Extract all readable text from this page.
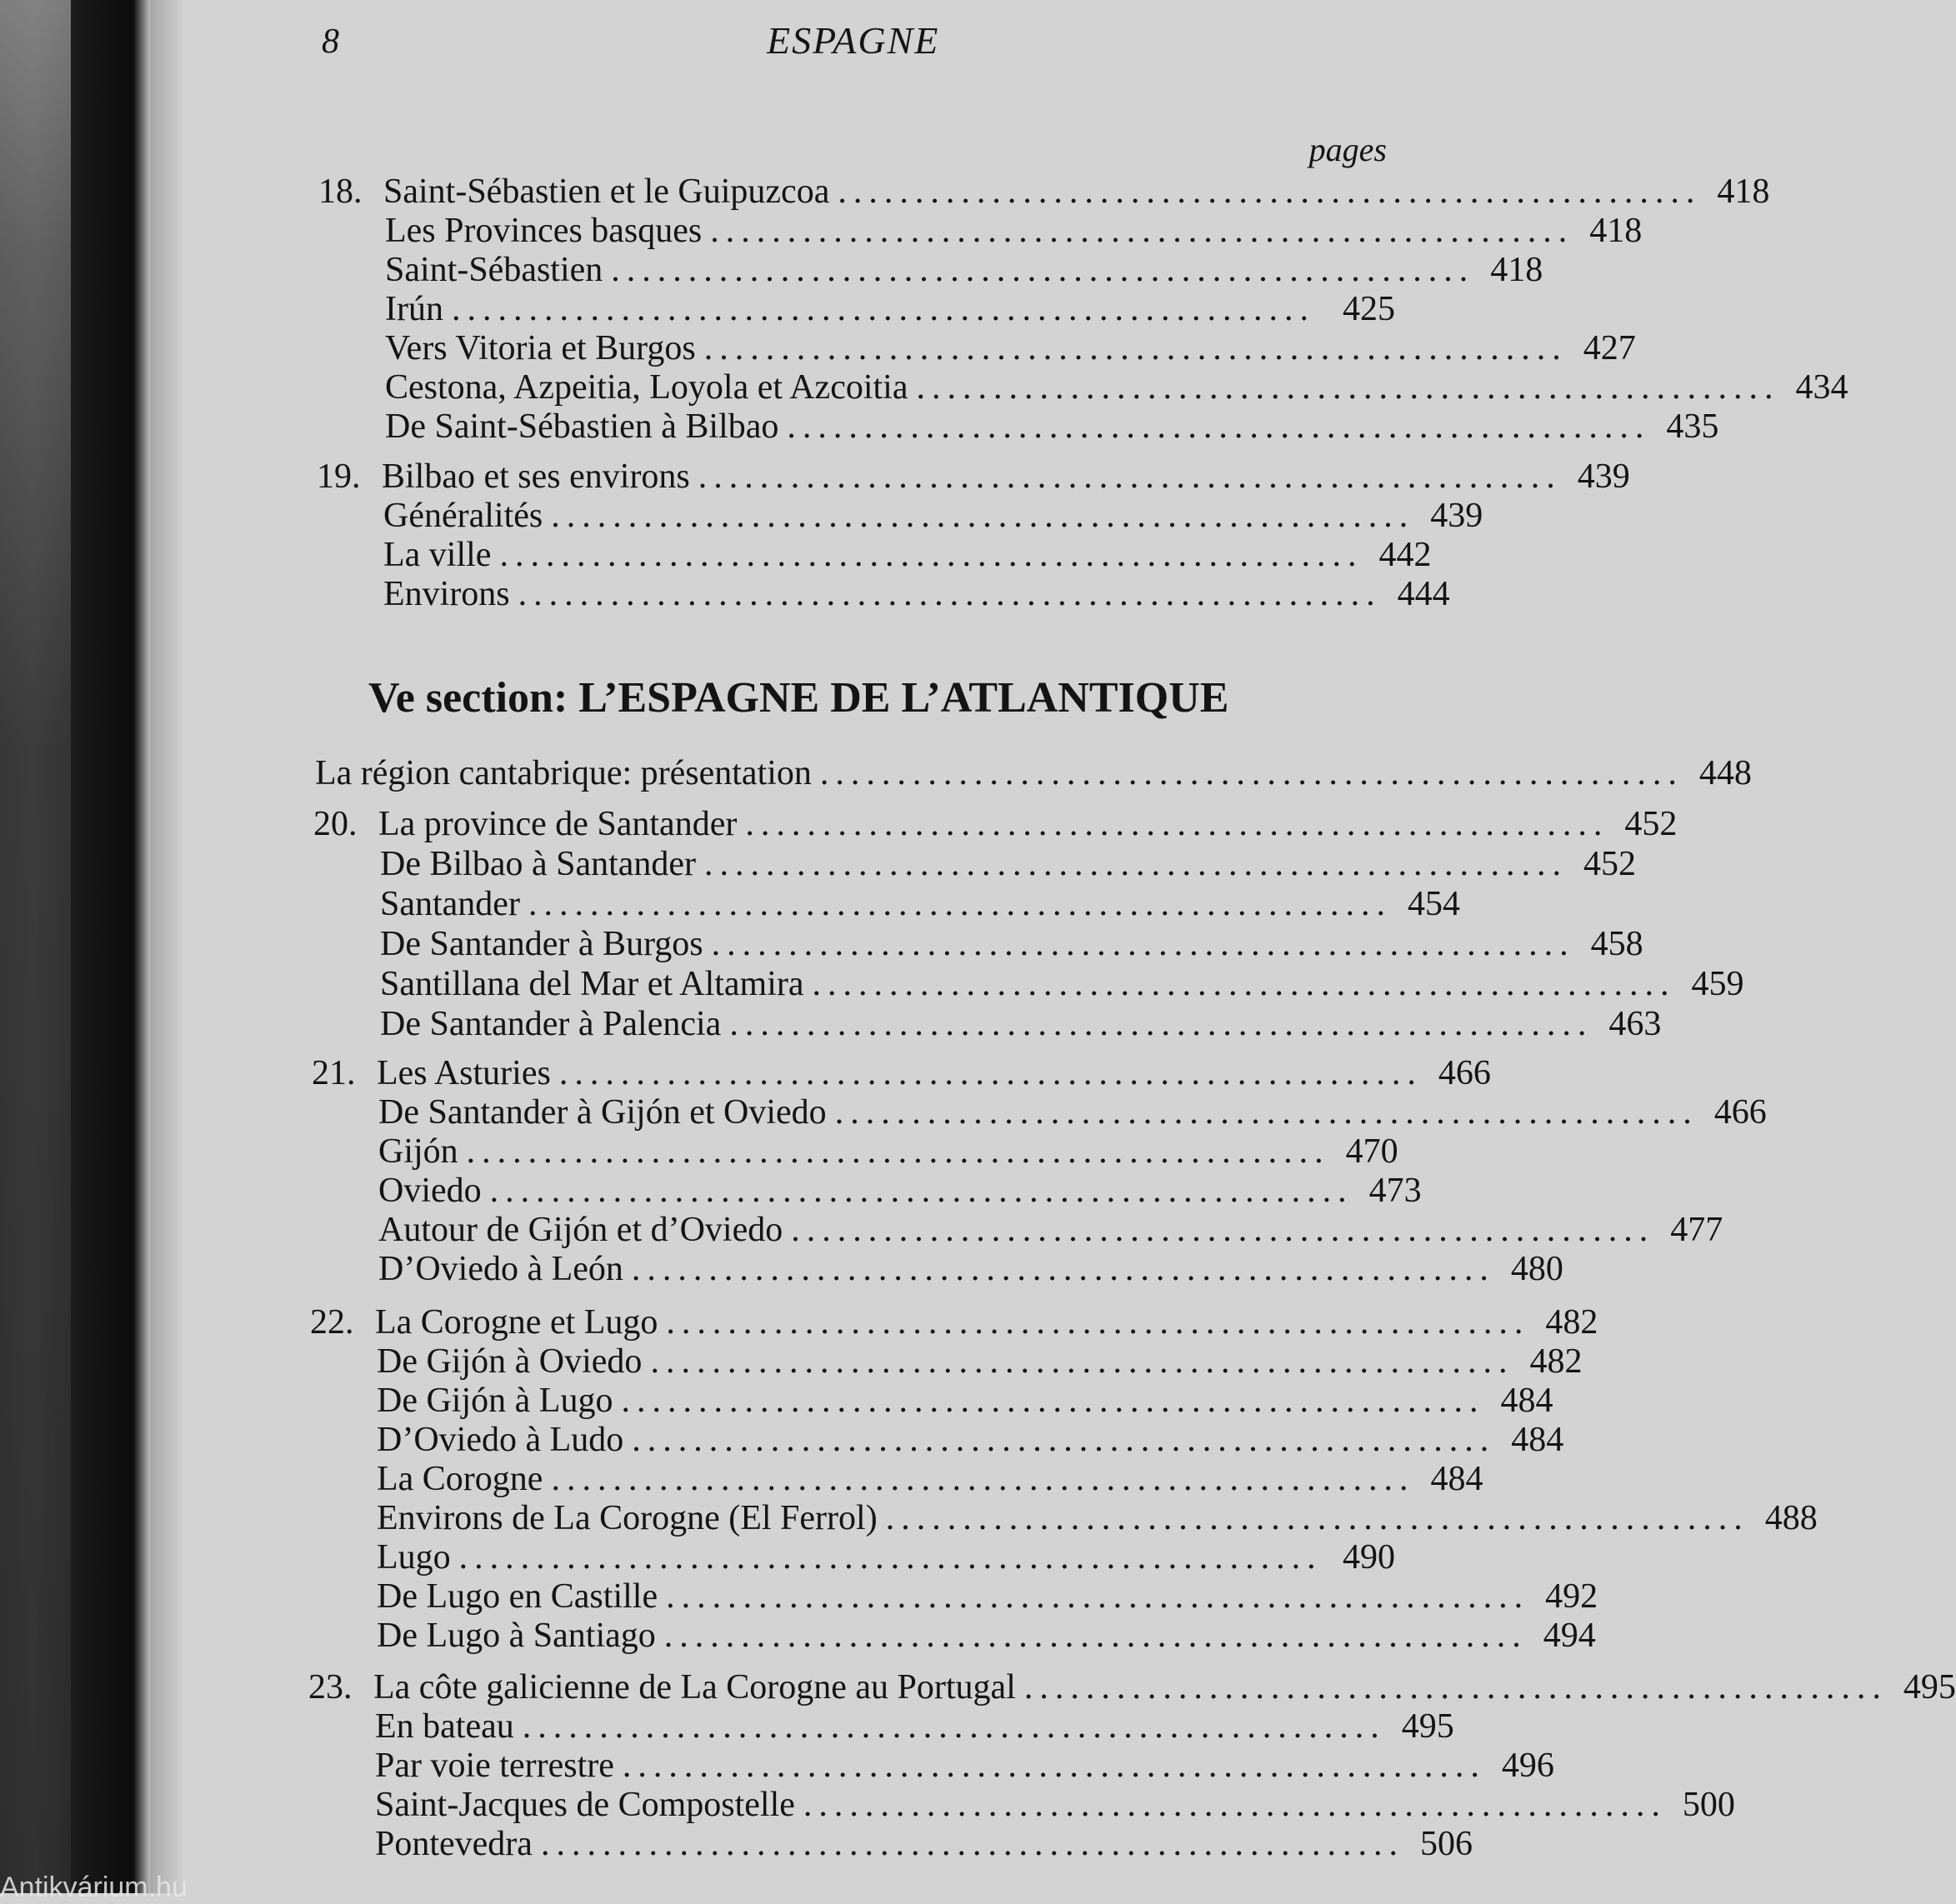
8	ESPAGNE
pages
18. Saint-Sébastien et le Guipuzcoa ........................................................ 418
Les Provinces basques ........................................................ 418
Saint-Sébastien ........................................................ 418
Irún ........................................................ 425
Vers Vitoria et Burgos ........................................................ 427
Cestona, Azpeitia, Loyola et Azcoitia ........................................................ 434
De Saint-Sébastien à Bilbao ........................................................ 435
19. Bilbao et ses environs ........................................................ 439
Généralités ........................................................ 439
La ville ........................................................ 442
Environs ........................................................ 444
Ve section: L’ESPAGNE DE L’ATLANTIQUE
La région cantabrique: présentation ........................................................ 448
20. La province de Santander ........................................................ 452
De Bilbao à Santander ........................................................ 452
Santander ........................................................ 454
De Santander à Burgos ........................................................ 458
Santillana del Mar et Altamira ........................................................ 459
De Santander à Palencia ........................................................ 463
21. Les Asturies ........................................................ 466
De Santander à Gijón et Oviedo ........................................................ 466
Gijón ........................................................ 470
Oviedo ........................................................ 473
Autour de Gijón et d’Oviedo ........................................................ 477
D’Oviedo à León ........................................................ 480
22. La Corogne et Lugo ........................................................ 482
De Gijón à Oviedo ........................................................ 482
De Gijón à Lugo ........................................................ 484
D’Oviedo à Ludo ........................................................ 484
La Corogne ........................................................ 484
Environs de La Corogne (El Ferrol) ........................................................ 488
Lugo ........................................................ 490
De Lugo en Castille ........................................................ 492
De Lugo à Santiago ........................................................ 494
23. La côte galicienne de La Corogne au Portugal ........................................................ 495
En bateau ........................................................ 495
Par voie terrestre ........................................................ 496
Saint-Jacques de Compostelle ........................................................ 500
Pontevedra ........................................................ 506
Antikvárium.hu
